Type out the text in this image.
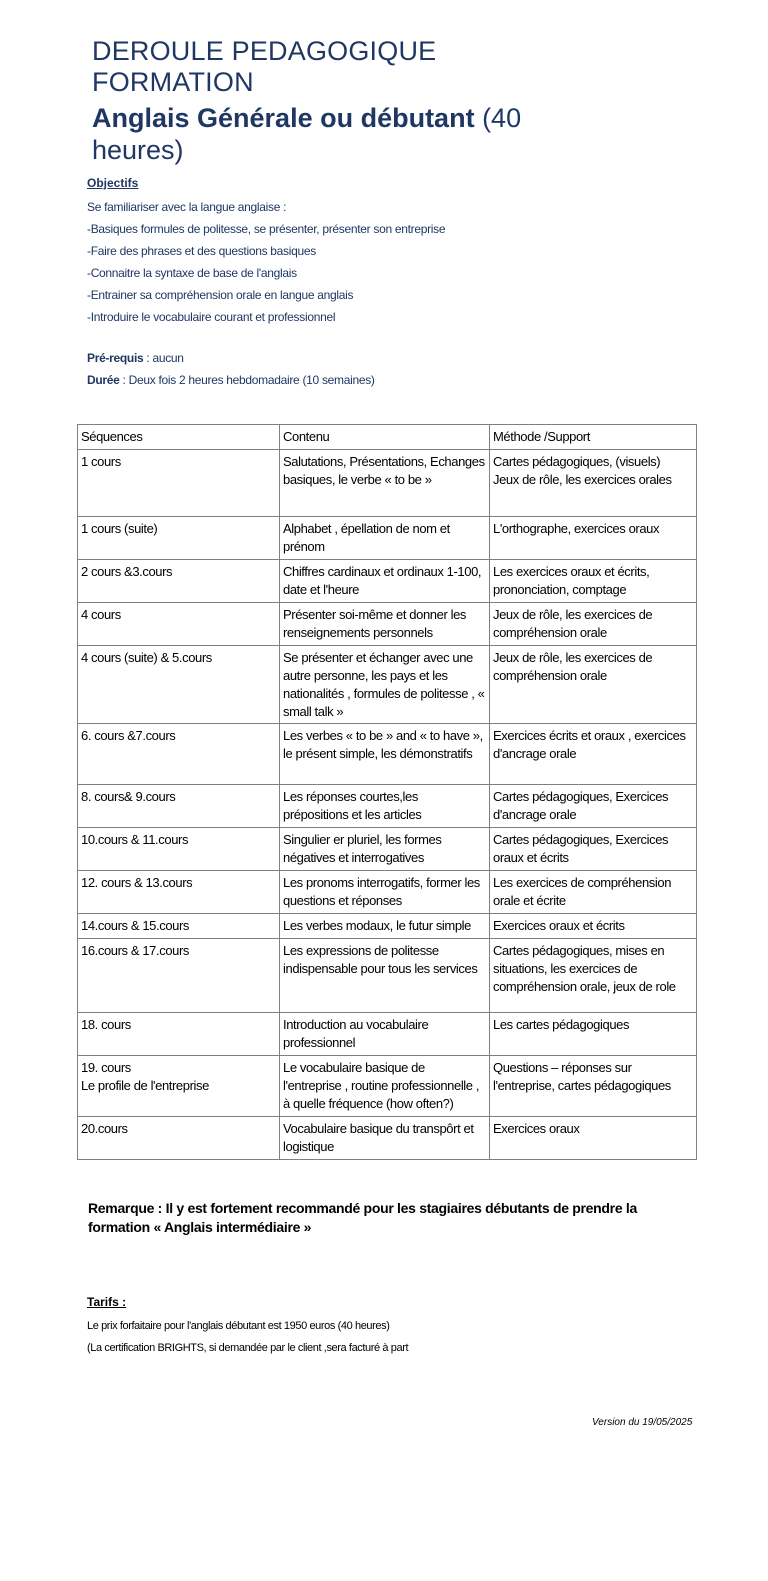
DEROULE PEDAGOGIQUE
FORMATION
Anglais Générale ou débutant (40 heures)
Objectifs
Se familiariser avec la langue anglaise :
-Basiques formules de politesse, se présenter, présenter son entreprise
-Faire des phrases et des questions basiques
-Connaitre la syntaxe de base de l'anglais
-Entrainer sa compréhension orale en langue anglais
-Introduire le vocabulaire courant et professionnel
Pré-requis : aucun
Durée : Deux fois 2 heures hebdomadaire (10 semaines)
Séquences	Contenu	Méthode /Support
1 cours	Salutations, Présentations, Echanges basiques, le verbe « to be »	Cartes pédagogiques, (visuels)
Jeux de rôle, les exercices orales
1 cours (suite)	Alphabet , épellation de nom et prénom	L'orthographe, exercices oraux
2 cours &3.cours	Chiffres cardinaux et ordinaux 1-100, date et l'heure	Les exercices oraux et écrits, prononciation, comptage
4 cours	Présenter soi-même et donner les renseignements personnels	Jeux de rôle, les exercices de compréhension orale
4 cours (suite) & 5.cours	Se présenter et échanger avec une autre personne, les pays et les nationalités , formules de politesse , « small talk »	Jeux de rôle, les exercices de compréhension orale
6. cours &7.cours	Les verbes « to be » and « to have », le présent simple, les démonstratifs	Exercices écrits et oraux , exercices d'ancrage orale
8. cours& 9.cours	Les réponses courtes,les prépositions et les articles	Cartes pédagogiques, Exercices d'ancrage orale
10.cours & 11.cours	Singulier er pluriel, les formes négatives et interrogatives	Cartes pédagogiques, Exercices oraux et écrits
12. cours & 13.cours	Les pronoms interrogatifs, former les questions et réponses	Les exercices de compréhension orale et écrite
14.cours & 15.cours	Les verbes modaux, le futur simple	Exercices oraux et écrits
16.cours & 17.cours	Les expressions de politesse indispensable pour tous les services	Cartes pédagogiques, mises en situations, les exercices de compréhension orale, jeux de role
18. cours	Introduction au vocabulaire professionnel	Les cartes pédagogiques
19. cours
Le profile de l'entreprise	Le vocabulaire basique de l'entreprise , routine professionnelle , à quelle fréquence (how often?)	Questions – réponses sur l'entreprise, cartes pédagogiques
20.cours	Vocabulaire basique du transpôrt et logistique	Exercices oraux
Remarque : Il y est fortement recommandé pour les stagiaires débutants de prendre la formation « Anglais intermédiaire »
Tarifs :
Le prix forfaitaire pour l'anglais débutant est 1950 euros (40 heures)
(La certification BRIGHTS, si demandée par le client ,sera facturé à part
Version du 19/05/2025
